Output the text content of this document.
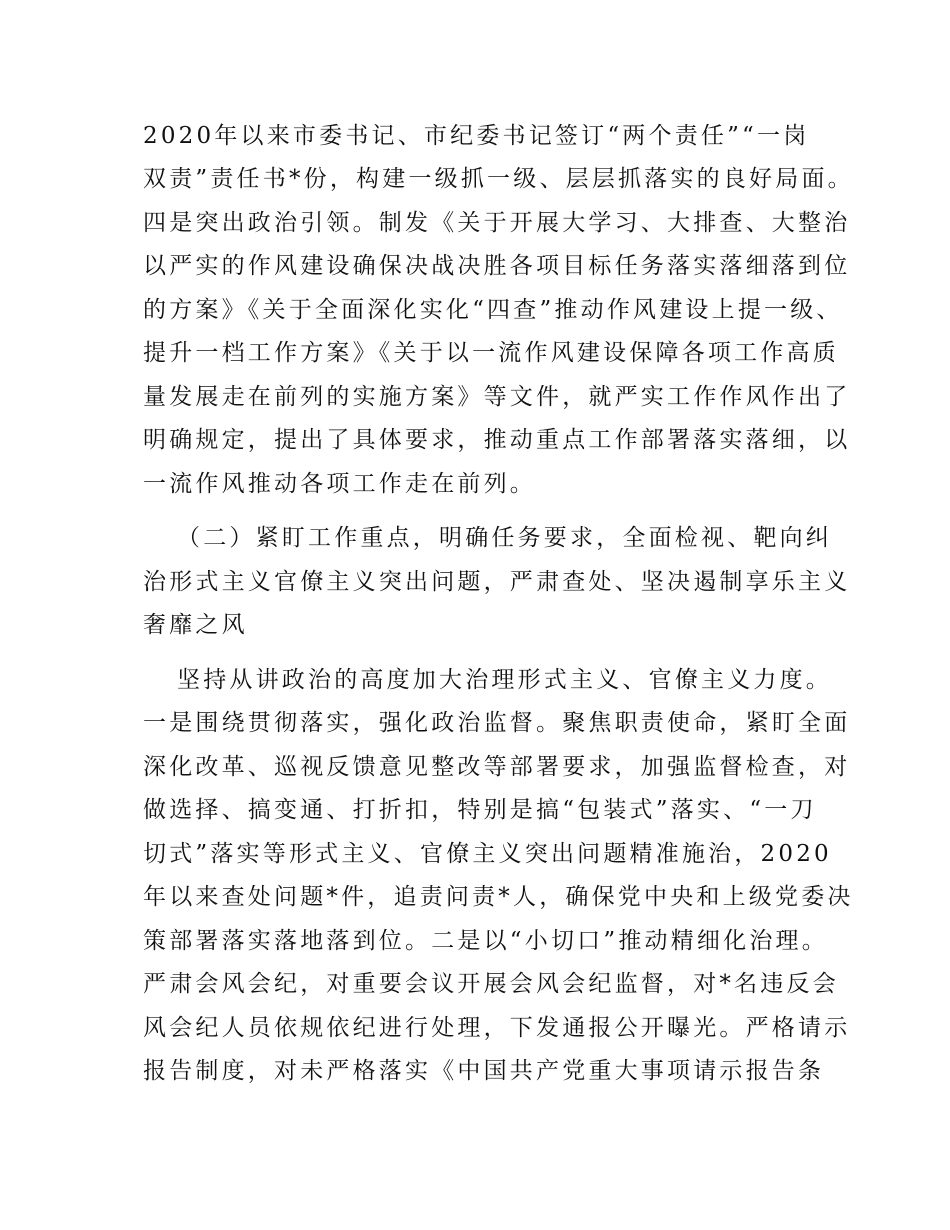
2020年以来市委书记、市纪委书记签订“两个责任”“一岗
双责”责任书*份，构建一级抓一级、层层抓落实的良好局面。
四是突出政治引领。制发《关于开展大学习、大排查、大整治
以严实的作风建设确保决战决胜各项目标任务落实落细落到位
的方案》《关于全面深化实化“四查”推动作风建设上提一级、
提升一档工作方案》《关于以一流作风建设保障各项工作高质
量发展走在前列的实施方案》等文件，就严实工作作风作出了
明确规定，提出了具体要求，推动重点工作部署落实落细，以
一流作风推动各项工作走在前列。
（二）紧盯工作重点，明确任务要求，全面检视、靶向纠
治形式主义官僚主义突出问题，严肃查处、坚决遏制享乐主义
奢靡之风
坚持从讲政治的高度加大治理形式主义、官僚主义力度。
一是围绕贯彻落实，强化政治监督。聚焦职责使命，紧盯全面
深化改革、巡视反馈意见整改等部署要求，加强监督检查，对
做选择、搞变通、打折扣，特别是搞“包装式”落实、“一刀
切式”落实等形式主义、官僚主义突出问题精准施治，2020
年以来查处问题*件，追责问责*人，确保党中央和上级党委决
策部署落实落地落到位。二是以“小切口”推动精细化治理。
严肃会风会纪，对重要会议开展会风会纪监督，对*名违反会
风会纪人员依规依纪进行处理，下发通报公开曝光。严格请示
报告制度，对未严格落实《中国共产党重大事项请示报告条
